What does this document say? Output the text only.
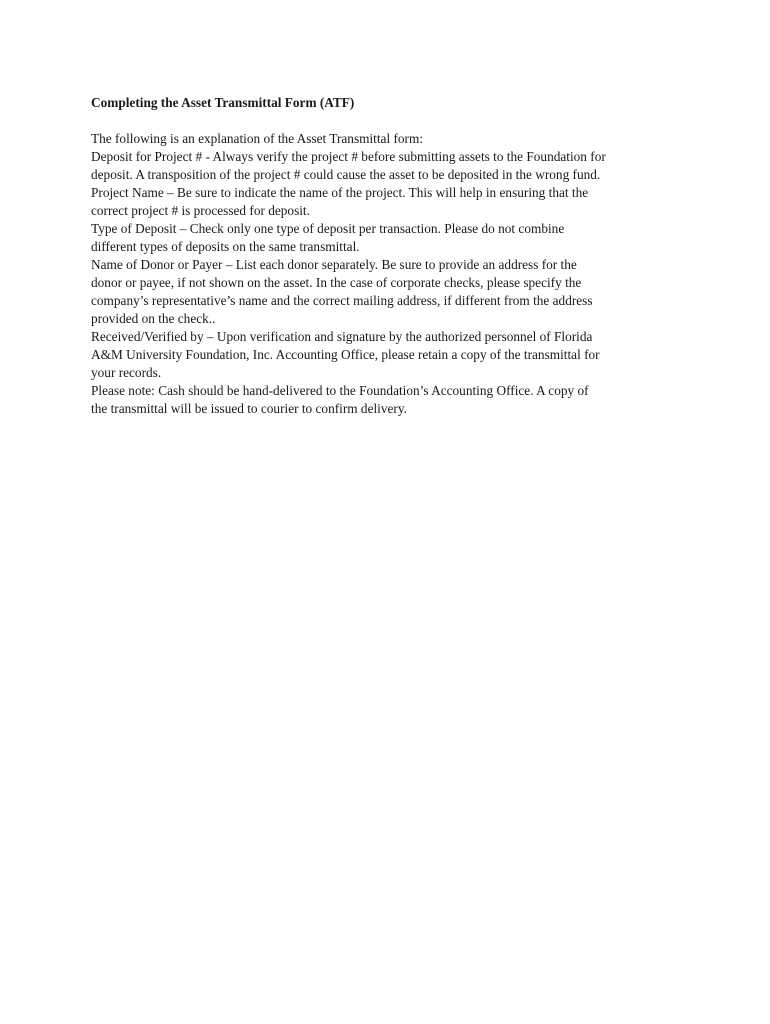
Completing the Asset Transmittal Form (ATF)

The following is an explanation of the Asset Transmittal form:

Deposit for Project # - Always verify the project # before submitting assets to the Foundation for

deposit. A transposition of the project # could cause the asset to be deposited in the wrong fund.

Project Name – Be sure to indicate the name of the project. This will help in ensuring that the

correct project # is processed for deposit.

Type of Deposit – Check only one type of deposit per transaction. Please do not combine

different types of deposits on the same transmittal.

Name of Donor or Payer – List each donor separately. Be sure to provide an address for the

donor or payee, if not shown on the asset. In the case of corporate checks, please specify the

company’s representative’s name and the correct mailing address, if different from the address

provided on the check..

Received/Verified by – Upon verification and signature by the authorized personnel of Florida

A&M University Foundation, Inc. Accounting Office, please retain a copy of the transmittal for

your records.

Please note: Cash should be hand-delivered to the Foundation’s Accounting Office. A copy of

the transmittal will be issued to courier to confirm delivery.
